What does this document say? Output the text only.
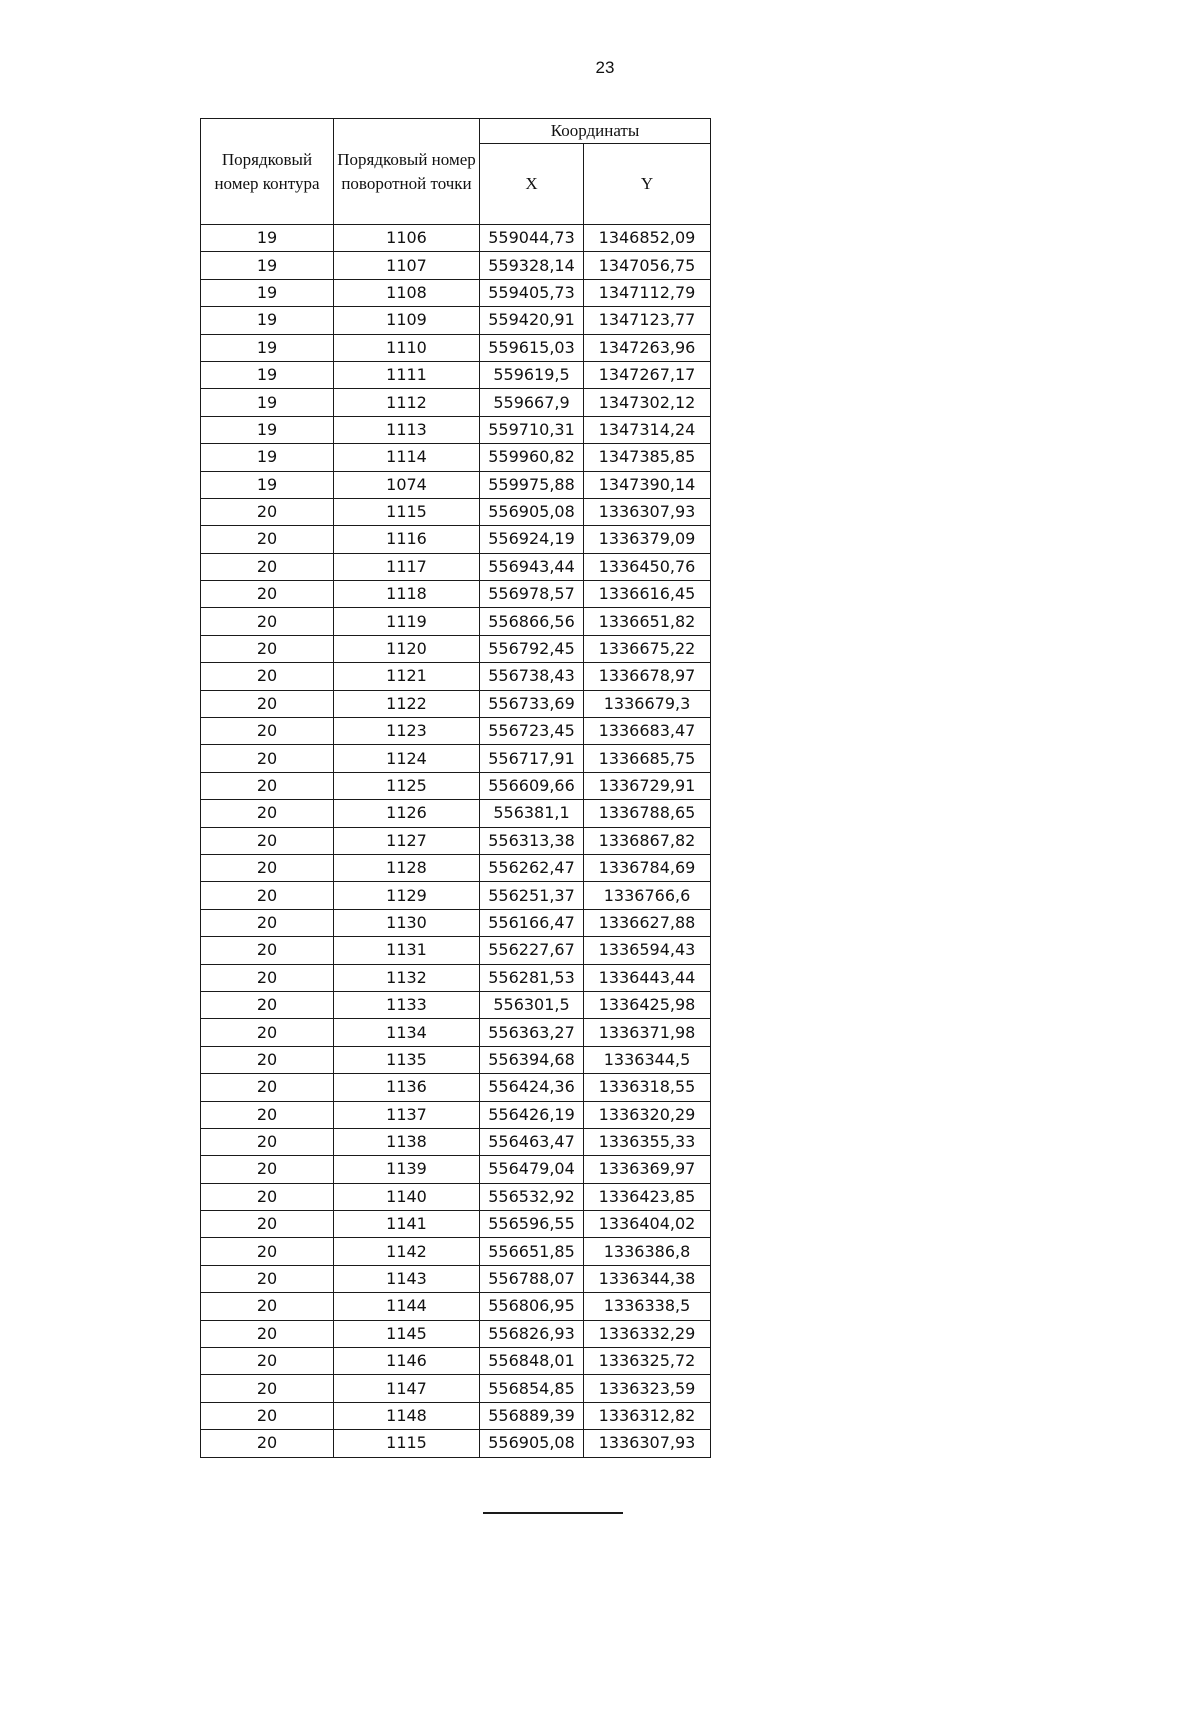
23
Порядковый номер контура	Порядковый номер поворотной точки	Координаты	
		X	Y
19	1106	559044,73	1346852,09
19	1107	559328,14	1347056,75
19	1108	559405,73	1347112,79
19	1109	559420,91	1347123,77
19	1110	559615,03	1347263,96
19	1111	559619,5	1347267,17
19	1112	559667,9	1347302,12
19	1113	559710,31	1347314,24
19	1114	559960,82	1347385,85
19	1074	559975,88	1347390,14
20	1115	556905,08	1336307,93
20	1116	556924,19	1336379,09
20	1117	556943,44	1336450,76
20	1118	556978,57	1336616,45
20	1119	556866,56	1336651,82
20	1120	556792,45	1336675,22
20	1121	556738,43	1336678,97
20	1122	556733,69	1336679,3
20	1123	556723,45	1336683,47
20	1124	556717,91	1336685,75
20	1125	556609,66	1336729,91
20	1126	556381,1	1336788,65
20	1127	556313,38	1336867,82
20	1128	556262,47	1336784,69
20	1129	556251,37	1336766,6
20	1130	556166,47	1336627,88
20	1131	556227,67	1336594,43
20	1132	556281,53	1336443,44
20	1133	556301,5	1336425,98
20	1134	556363,27	1336371,98
20	1135	556394,68	1336344,5
20	1136	556424,36	1336318,55
20	1137	556426,19	1336320,29
20	1138	556463,47	1336355,33
20	1139	556479,04	1336369,97
20	1140	556532,92	1336423,85
20	1141	556596,55	1336404,02
20	1142	556651,85	1336386,8
20	1143	556788,07	1336344,38
20	1144	556806,95	1336338,5
20	1145	556826,93	1336332,29
20	1146	556848,01	1336325,72
20	1147	556854,85	1336323,59
20	1148	556889,39	1336312,82
20	1115	556905,08	1336307,93
